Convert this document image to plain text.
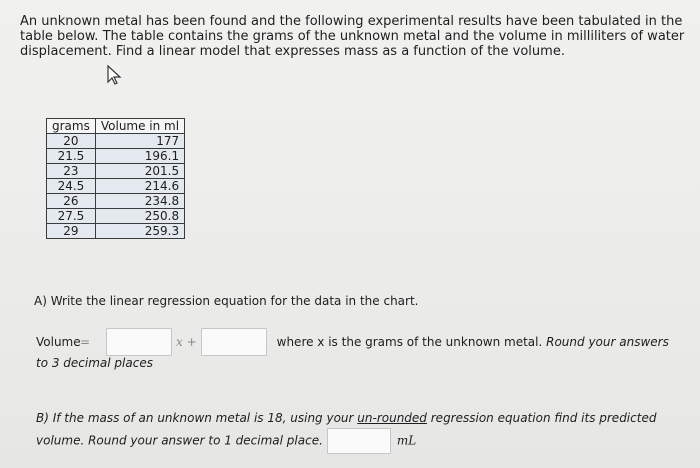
An unknown metal has been found and the following experimental results have been tabulated in the table below. The table contains the grams of the unknown metal and the volume in milliliters of water displacement. Find a linear model that expresses mass as a function of the volume.
grams	Volume in ml
20	177
21.5	196.1
23	201.5
24.5	214.6
26	234.8
27.5	250.8
29	259.3
A) Write the linear regression equation for the data in the chart.
Volume =	x +	where x is the grams of the unknown metal. Round your answers
to 3 decimal places
B) If the mass of an unknown metal is 18, using your un-rounded regression equation find its predicted
volume. Round your answer to 1 decimal place.	mL
